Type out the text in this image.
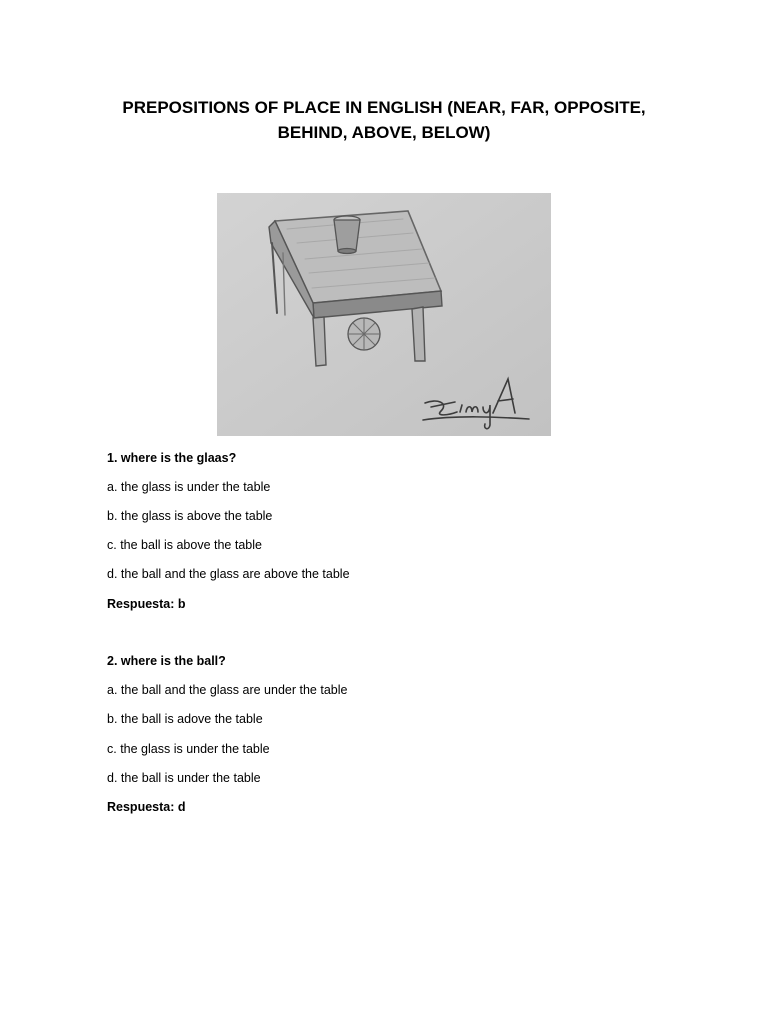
PREPOSITIONS OF PLACE IN ENGLISH (NEAR, FAR, OPPOSITE,
BEHIND, ABOVE, BELOW)

1. where is the glaas?

a. the glass is under the table

b. the glass is above the table

c. the ball is above the table

d. the ball and the glass are above the table

Respuesta: b

2. where is the ball?

a. the ball and the glass are under the table

b. the ball is adove the table

c. the glass is under the table

d. the ball is under the table

Respuesta: d
